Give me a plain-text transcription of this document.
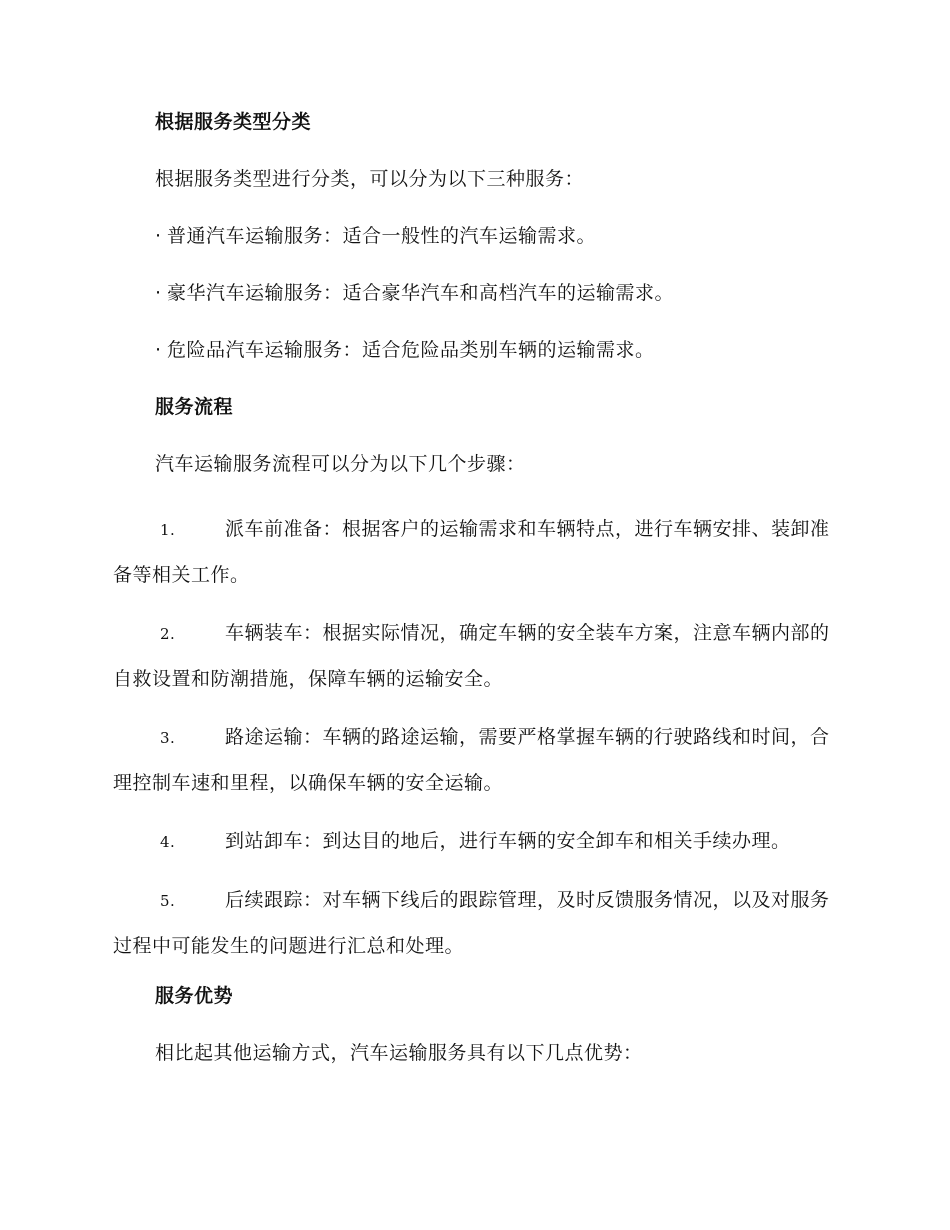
根据服务类型分类
根据服务类型进行分类，可以分为以下三种服务：
· 普通汽车运输服务：适合一般性的汽车运输需求。
· 豪华汽车运输服务：适合豪华汽车和高档汽车的运输需求。
· 危险品汽车运输服务：适合危险品类别车辆的运输需求。
服务流程
汽车运输服务流程可以分为以下几个步骤：
1.	派车前准备：根据客户的运输需求和车辆特点，进行车辆安排、装卸准备等相关工作。
2.	车辆装车：根据实际情况，确定车辆的安全装车方案，注意车辆内部的自救设置和防潮措施，保障车辆的运输安全。
3.	路途运输：车辆的路途运输，需要严格掌握车辆的行驶路线和时间，合理控制车速和里程，以确保车辆的安全运输。
4.	到站卸车：到达目的地后，进行车辆的安全卸车和相关手续办理。
5.	后续跟踪：对车辆下线后的跟踪管理，及时反馈服务情况，以及对服务过程中可能发生的问题进行汇总和处理。
服务优势
相比起其他运输方式，汽车运输服务具有以下几点优势：
